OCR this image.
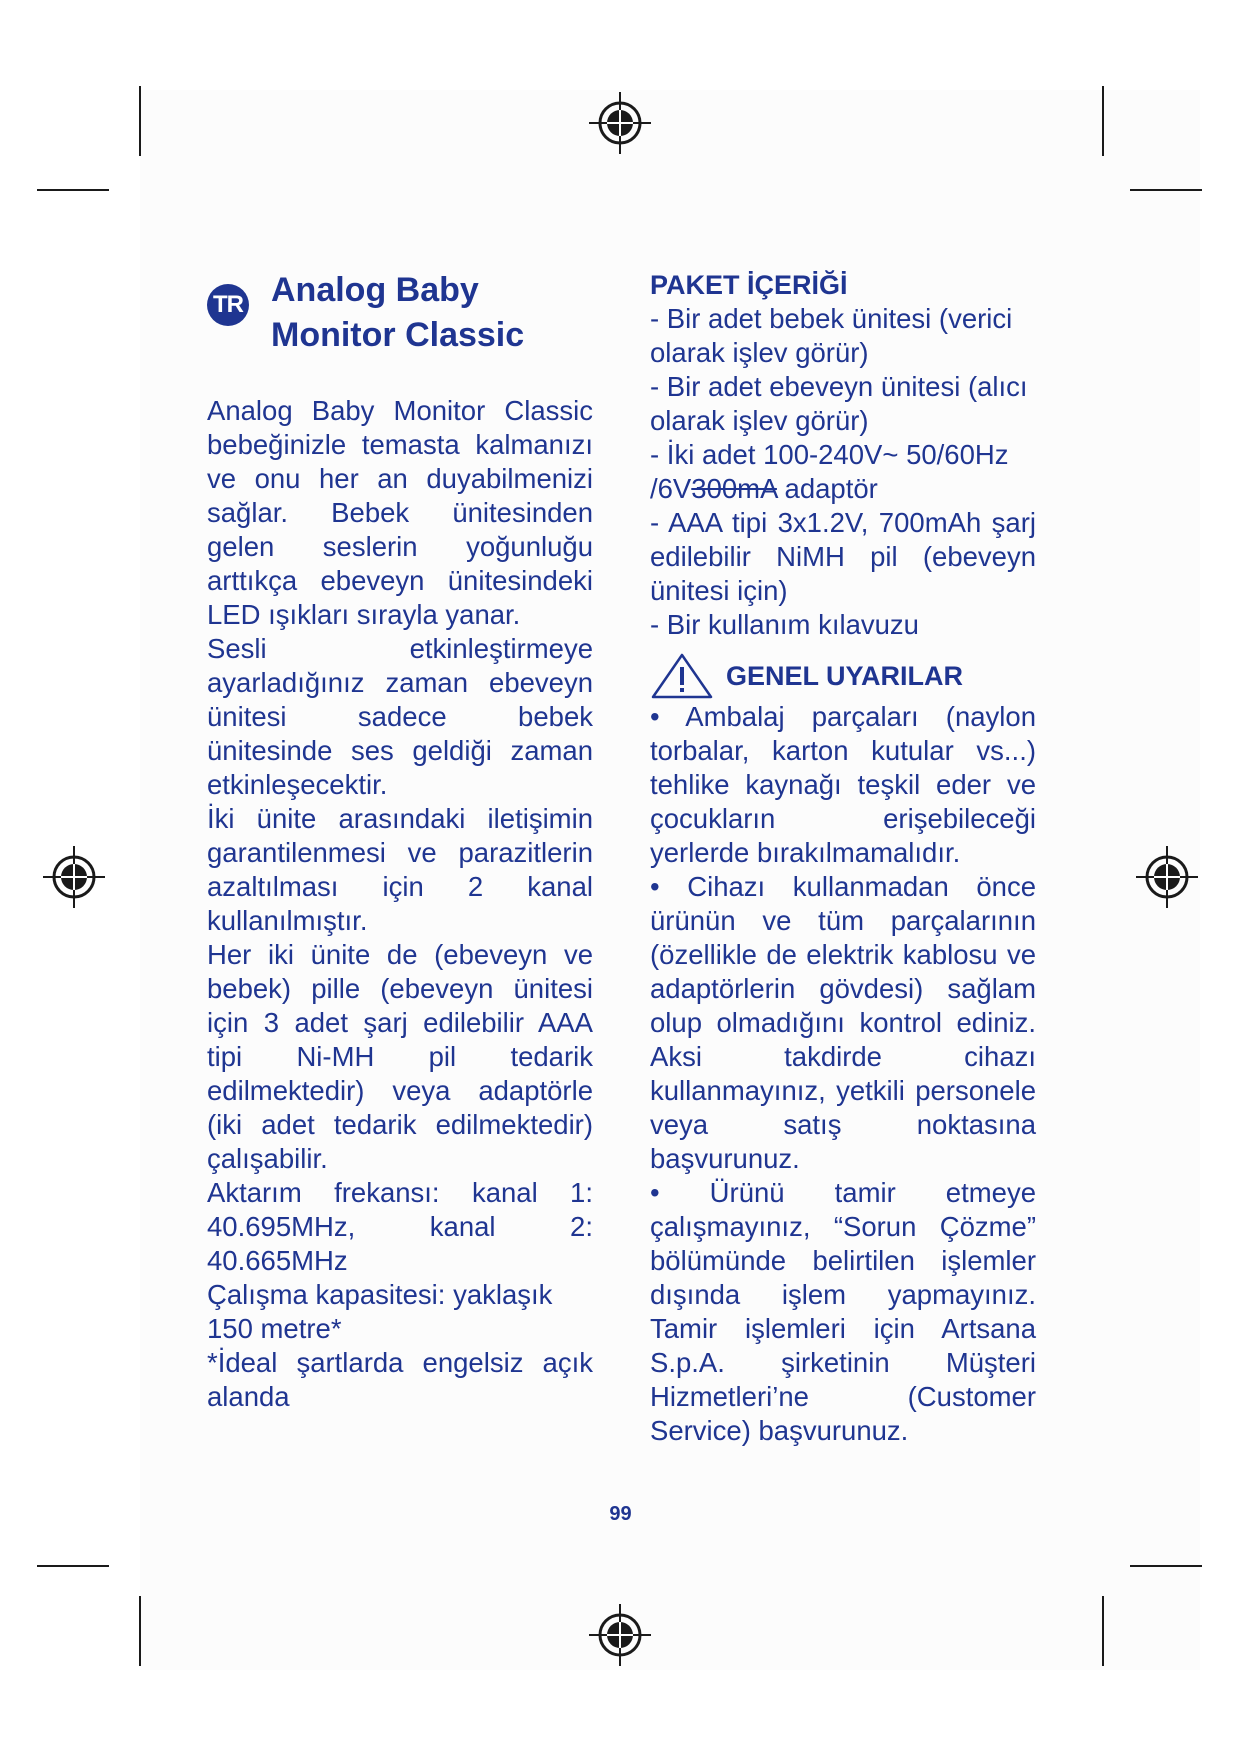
TR Analog Baby
Monitor Classic

Analog Baby Monitor Classic bebeğinizle temasta kalmanızı ve onu her an duyabilmenizi sağlar. Bebek ünitesinden gelen seslerin yoğunluğu arttıkça ebeveyn ünitesindeki LED ışıkları sırayla yanar.

Sesli etkinleştirmeye ayarladığınız zaman ebeveyn ünitesi sadece bebek ünitesinde ses geldiği zaman etkinleşecektir.

İki ünite arasındaki iletişimin garantilenmesi ve parazitlerin azaltılması için 2 kanal kullanılmıştır.

Her iki ünite de (ebeveyn ve bebek) pille (ebeveyn ünitesi için 3 adet şarj edilebilir AAA tipi Ni-MH pil tedarik edilmektedir) veya adaptörle (iki adet tedarik edilmektedir) çalışabilir.

Aktarım frekansı: kanal 1: 40.695MHz, kanal 2: 40.665MHz

Çalışma kapasitesi: yaklaşık 150 metre*

*İdeal şartlarda engelsiz açık alanda

PAKET İÇERİĞİ

- Bir adet bebek ünitesi (verici olarak işlev görür)

- Bir adet ebeveyn ünitesi (alıcı olarak işlev görür)

- İki adet 100-240V~ 50/60Hz /6V300mA adaptör

- AAA tipi 3x1.2V, 700mAh şarj edilebilir NiMH pil (ebeveyn ünitesi için)

- Bir kullanım kılavuzu

GENEL UYARILAR

• Ambalaj parçaları (naylon torbalar, karton kutular vs...) tehlike kaynağı teşkil eder ve çocukların erişebileceği yerlerde bırakılmamalıdır.

• Cihazı kullanmadan önce ürünün ve tüm parçalarının (özellikle de elektrik kablosu ve adaptörlerin gövdesi) sağlam olup olmadığını kontrol ediniz. Aksi takdirde cihazı kullanmayınız, yetkili personele veya satış noktasına başvurunuz.

• Ürünü tamir etmeye çalışmayınız, “Sorun Çözme” bölümünde belirtilen işlemler dışında işlem yapmayınız. Tamir işlemleri için Artsana S.p.A. şirketinin Müşteri Hizmetleri’ne (Customer Service) başvurunuz.

99
